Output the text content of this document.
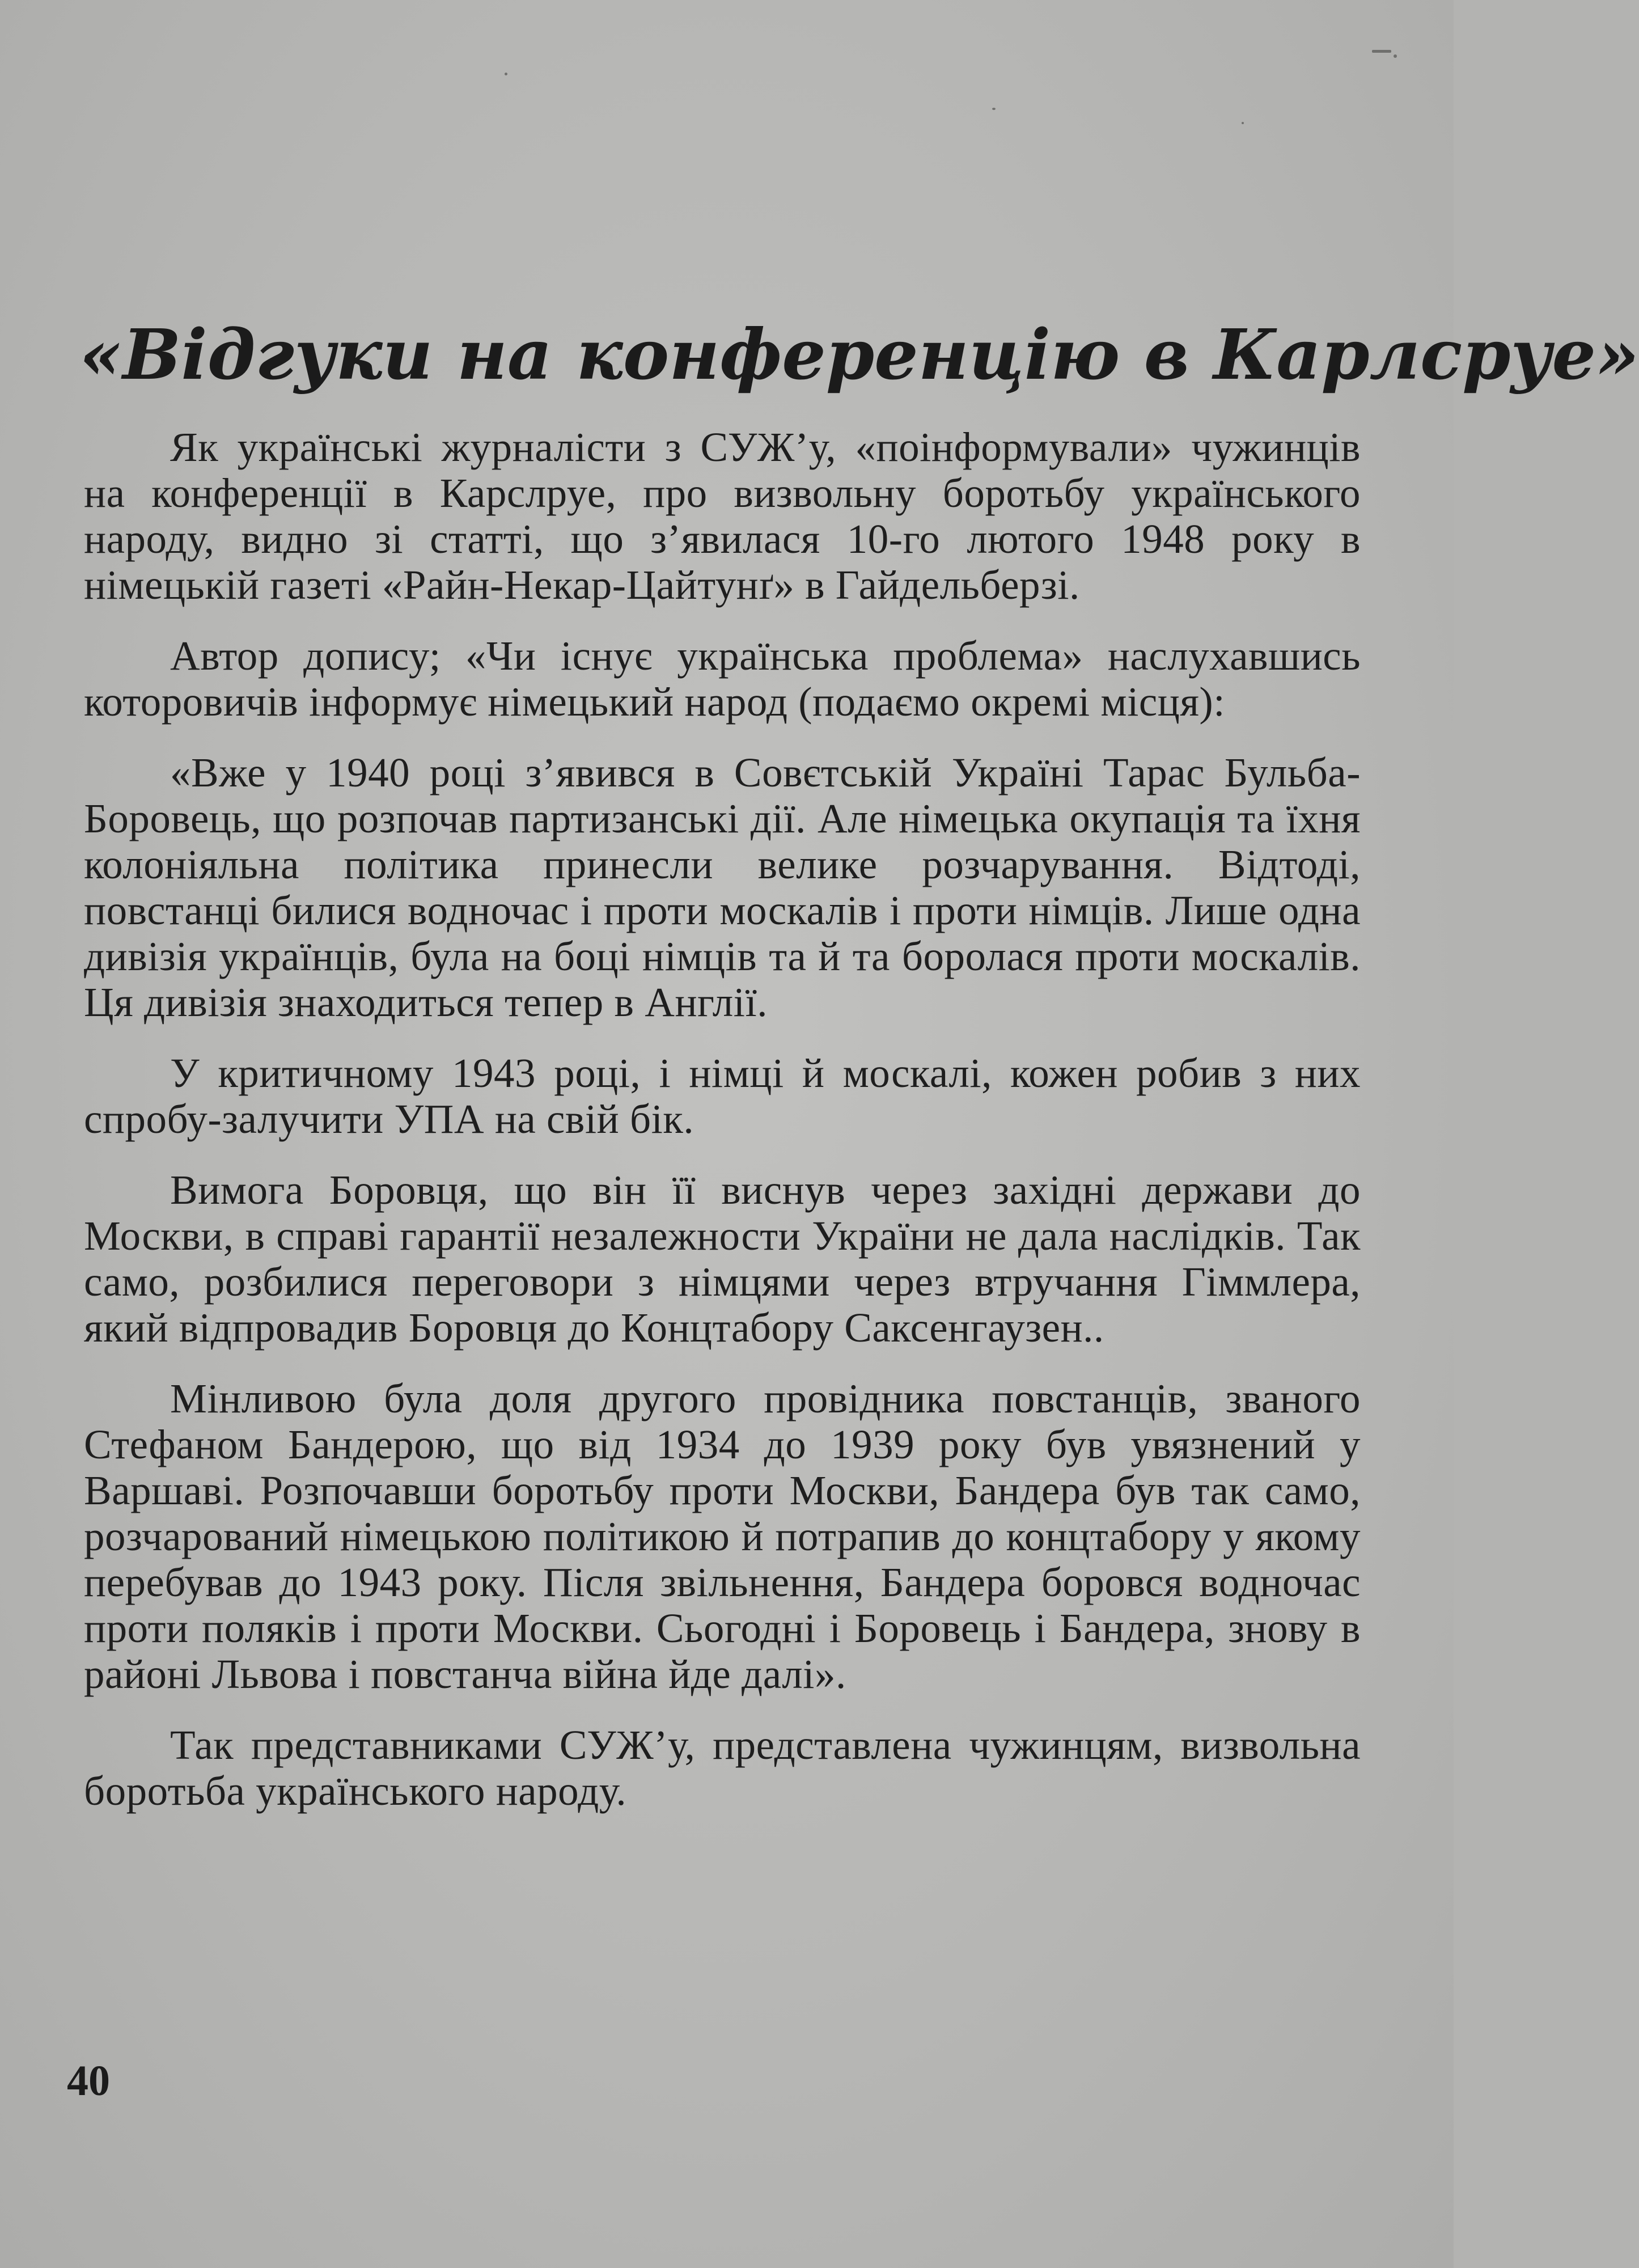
«Відгуки на конференцію в Карлсруе»

Як українські журналісти з СУЖ’у, «поінформували» чужинців на конференції в Карслруе, про визвольну боротьбу українського народу, видно зі статті, що з’явилася 10-го лютого 1948 року в німецькій газеті «Райн-Некар-Цайтунґ» в Гайдельберзі.

Автор допису; «Чи існує українська проблема» наслухавшись которовичів інформує німецький народ (подаємо окремі місця):

«Вже у 1940 році з’явився в Совєтській Україні Тарас Бульба-Боровець, що розпочав партизанські дії. Але німецька окупація та їхня колоніяльна політика принесли велике розчарування. Відтоді, повстанці билися водночас і проти москалів і проти німців. Лише одна дивізія українців, була на боці німців та й та боролася проти москалів. Ця дивізія знаходиться тепер в Англії.

У критичному 1943 році, і німці й москалі, кожен робив з них спробу-залучити УПА на свій бік.

Вимога Боровця, що він її виснув через західні держави до Москви, в справі гарантії незалежности України не дала наслідків. Так само, розбилися переговори з німцями через втручання Гіммлера, який відпровадив Боровця до Концтабору Саксенгаузен..

Мінливою була доля другого провідника повстанців, званого Стефаном Бандерою, що від 1934 до 1939 року був увязнений у Варшаві. Розпочавши боротьбу проти Москви, Бандера був так само, розчарований німецькою політикою й потрапив до концтабору у якому перебував до 1943 року. Після звільнення, Бандера боровся водночас проти поляків і проти Москви. Сьогодні і Боровець і Бандера, знову в районі Львова і повстанча війна йде далі».

Так представниками СУЖ’у, представлена чужинцям, визвольна боротьба українського народу.

40
